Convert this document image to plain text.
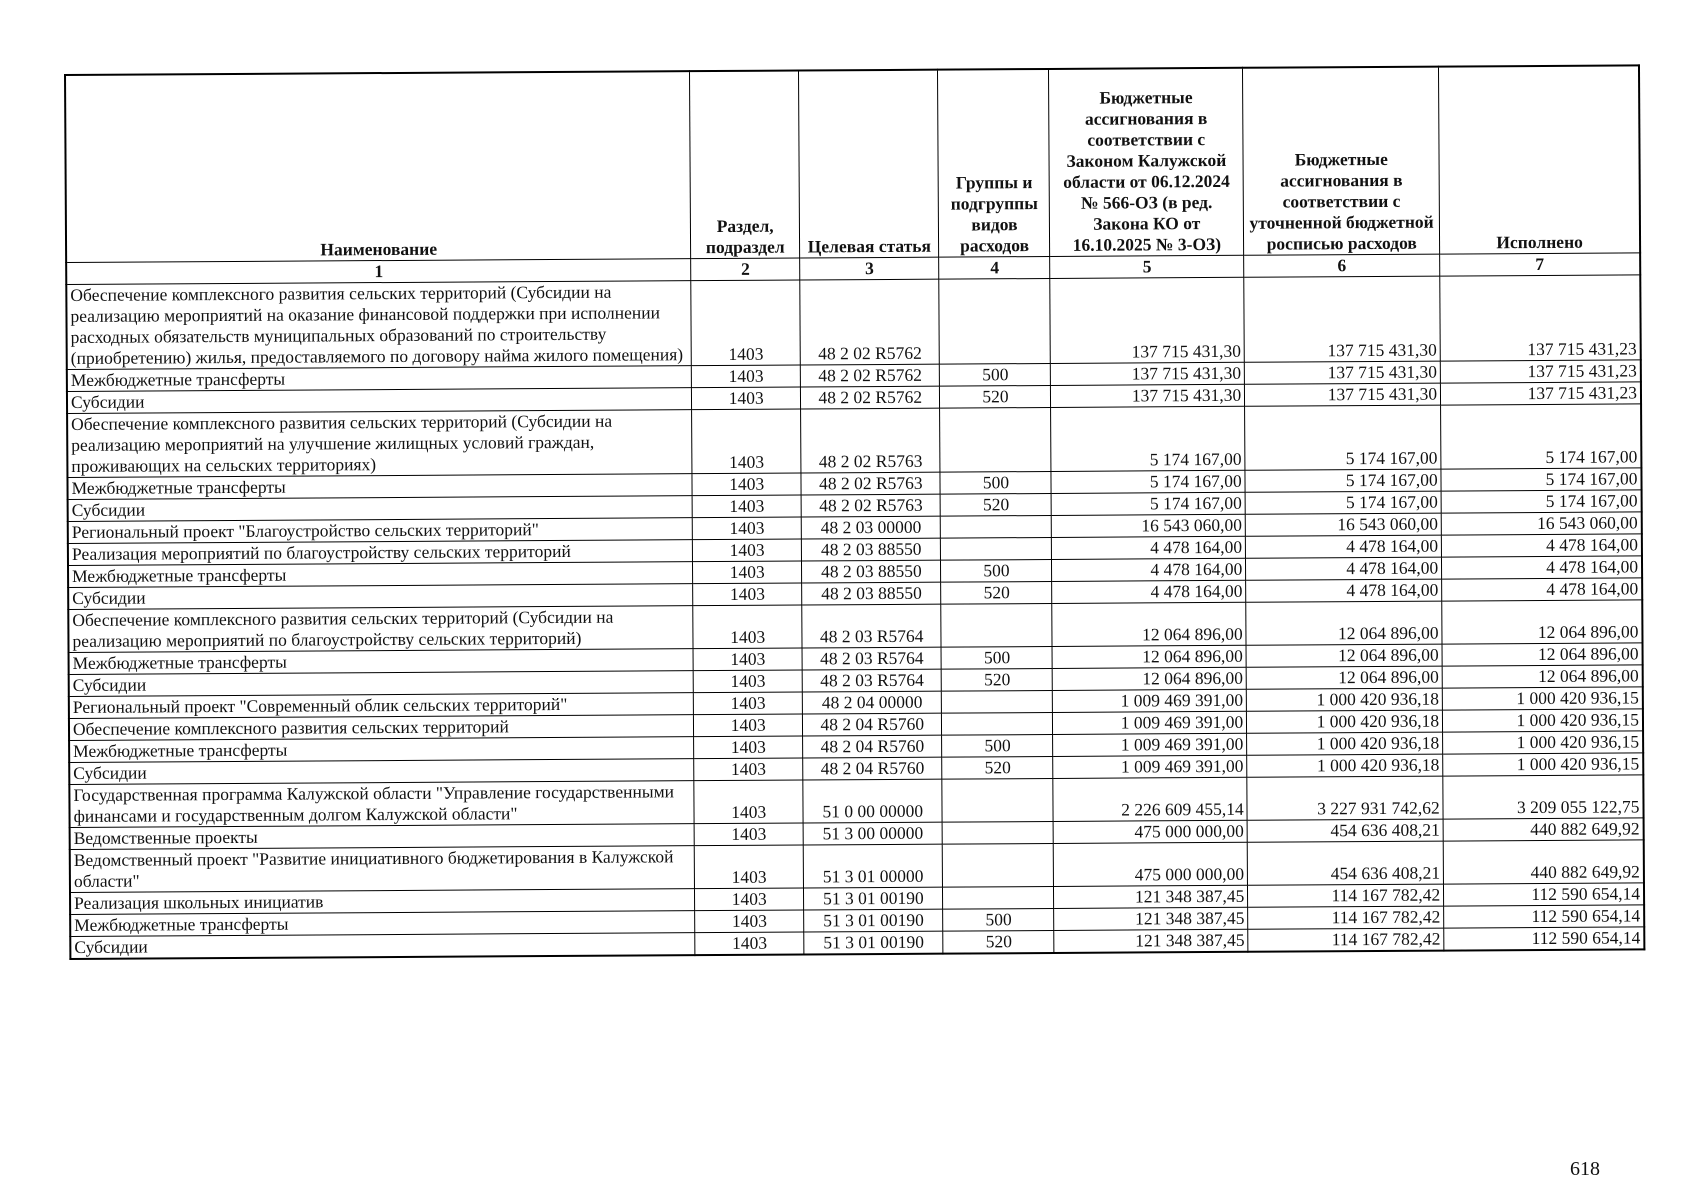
Наименование	Раздел, подраздел	Целевая статья	Группы и подгруппы видов расходов	Бюджетные ассигнования в соответствии с Законом Калужской области от 06.12.2024 № 566-ОЗ (в ред. Закона КО от 16.10.2025 № 3-ОЗ)	Бюджетные ассигнования в соответствии с уточненной бюджетной росписью расходов	Исполнено
1	2	3	4	5	6	7
Обеспечение комплексного развития сельских территорий (Субсидии на реализацию мероприятий на оказание финансовой поддержки при исполнении расходных обязательств муниципальных образований по строительству (приобретению) жилья, предоставляемого по договору найма жилого помещения)	1403	48 2 02 R5762		137 715 431,30	137 715 431,30	137 715 431,23
Межбюджетные трансферты	1403	48 2 02 R5762	500	137 715 431,30	137 715 431,30	137 715 431,23
Субсидии	1403	48 2 02 R5762	520	137 715 431,30	137 715 431,30	137 715 431,23
Обеспечение комплексного развития сельских территорий (Субсидии на реализацию мероприятий на улучшение жилищных условий граждан, проживающих на сельских территориях)	1403	48 2 02 R5763		5 174 167,00	5 174 167,00	5 174 167,00
Межбюджетные трансферты	1403	48 2 02 R5763	500	5 174 167,00	5 174 167,00	5 174 167,00
Субсидии	1403	48 2 02 R5763	520	5 174 167,00	5 174 167,00	5 174 167,00
Региональный проект "Благоустройство сельских территорий"	1403	48 2 03 00000		16 543 060,00	16 543 060,00	16 543 060,00
Реализация мероприятий по благоустройству сельских территорий	1403	48 2 03 88550		4 478 164,00	4 478 164,00	4 478 164,00
Межбюджетные трансферты	1403	48 2 03 88550	500	4 478 164,00	4 478 164,00	4 478 164,00
Субсидии	1403	48 2 03 88550	520	4 478 164,00	4 478 164,00	4 478 164,00
Обеспечение комплексного развития сельских территорий (Субсидии на реализацию мероприятий по благоустройству сельских территорий)	1403	48 2 03 R5764		12 064 896,00	12 064 896,00	12 064 896,00
Межбюджетные трансферты	1403	48 2 03 R5764	500	12 064 896,00	12 064 896,00	12 064 896,00
Субсидии	1403	48 2 03 R5764	520	12 064 896,00	12 064 896,00	12 064 896,00
Региональный проект "Современный облик сельских территорий"	1403	48 2 04 00000		1 009 469 391,00	1 000 420 936,18	1 000 420 936,15
Обеспечение комплексного развития сельских территорий	1403	48 2 04 R5760		1 009 469 391,00	1 000 420 936,18	1 000 420 936,15
Межбюджетные трансферты	1403	48 2 04 R5760	500	1 009 469 391,00	1 000 420 936,18	1 000 420 936,15
Субсидии	1403	48 2 04 R5760	520	1 009 469 391,00	1 000 420 936,18	1 000 420 936,15
Государственная программа Калужской области "Управление государственными финансами и государственным долгом Калужской области"	1403	51 0 00 00000		2 226 609 455,14	3 227 931 742,62	3 209 055 122,75
Ведомственные проекты	1403	51 3 00 00000		475 000 000,00	454 636 408,21	440 882 649,92
Ведомственный проект "Развитие инициативного бюджетирования в Калужской области"	1403	51 3 01 00000		475 000 000,00	454 636 408,21	440 882 649,92
Реализация школьных инициатив	1403	51 3 01 00190		121 348 387,45	114 167 782,42	112 590 654,14
Межбюджетные трансферты	1403	51 3 01 00190	500	121 348 387,45	114 167 782,42	112 590 654,14
Субсидии	1403	51 3 01 00190	520	121 348 387,45	114 167 782,42	112 590 654,14
618
